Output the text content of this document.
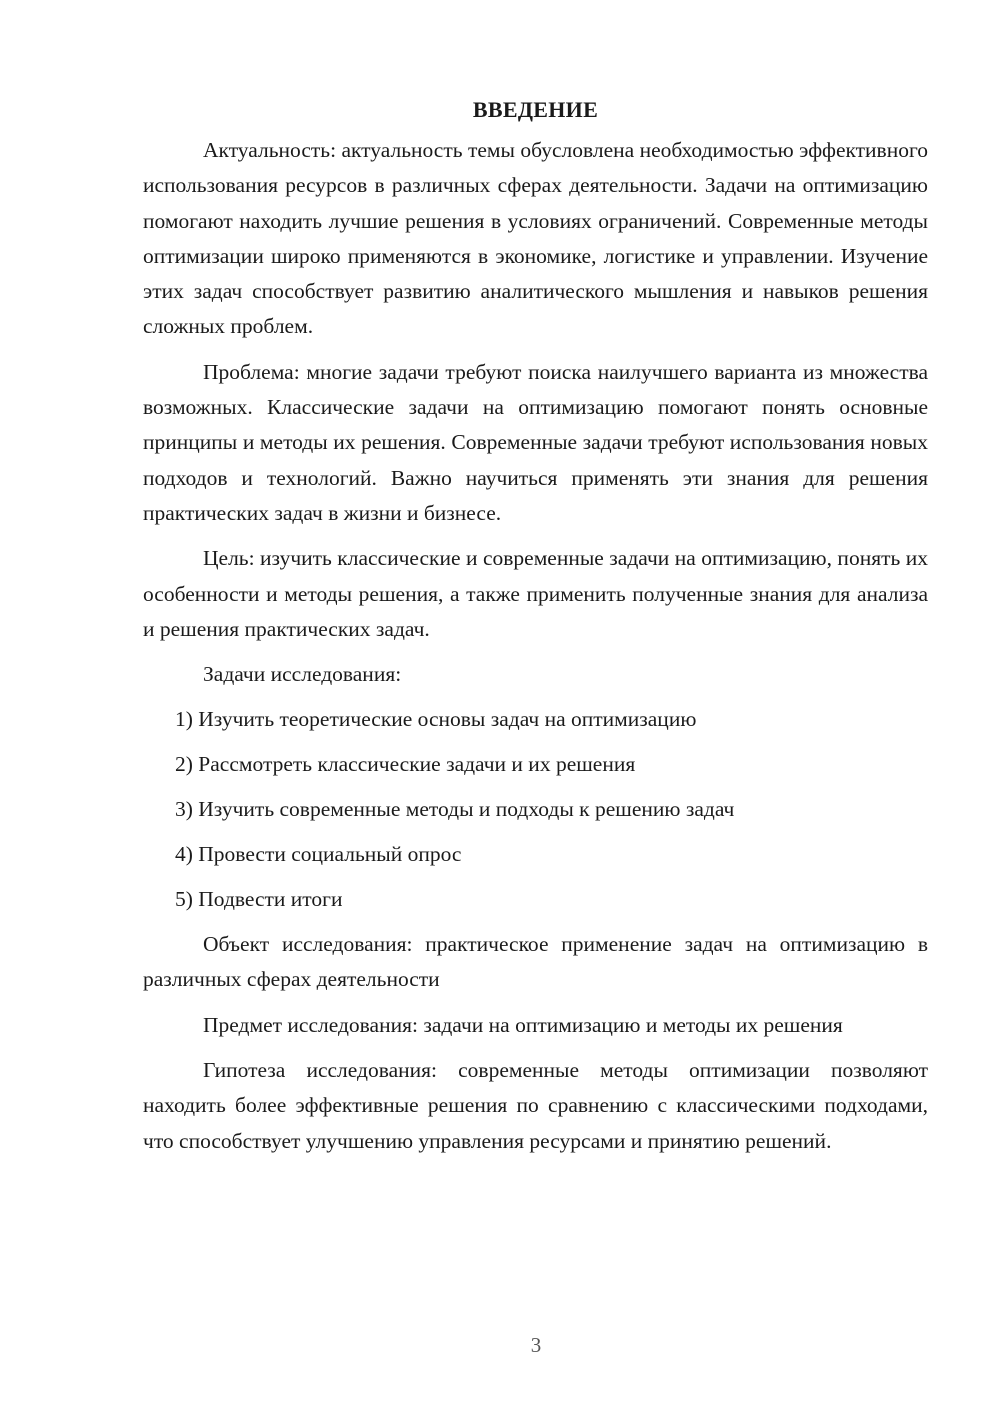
ВВЕДЕНИЕ

Актуальность: актуальность темы обусловлена необходимостью эффективного использования ресурсов в различных сферах деятельности. Задачи на оптимизацию помогают находить лучшие решения в условиях ограничений. Современные методы оптимизации широко применяются в экономике, логистике и управлении. Изучение этих задач способствует развитию аналитического мышления и навыков решения сложных проблем.

Проблема: многие задачи требуют поиска наилучшего варианта из множества возможных. Классические задачи на оптимизацию помогают понять основные принципы и методы их решения. Современные задачи требуют использования новых подходов и технологий. Важно научиться применять эти знания для решения практических задач в жизни и бизнесе.

Цель: изучить классические и современные задачи на оптимизацию, понять их особенности и методы решения, а также применить полученные знания для анализа и решения практических задач.

Задачи исследования:
1) Изучить теоретические основы задач на оптимизацию
2) Рассмотреть классические задачи и их решения
3) Изучить современные методы и подходы к решению задач
4) Провести социальный опрос
5) Подвести итоги

Объект исследования: практическое применение задач на оптимизацию в различных сферах деятельности

Предмет исследования: задачи на оптимизацию и методы их решения

Гипотеза исследования: современные методы оптимизации позволяют находить более эффективные решения по сравнению с классическими подходами, что способствует улучшению управления ресурсами и принятию решений.

3
